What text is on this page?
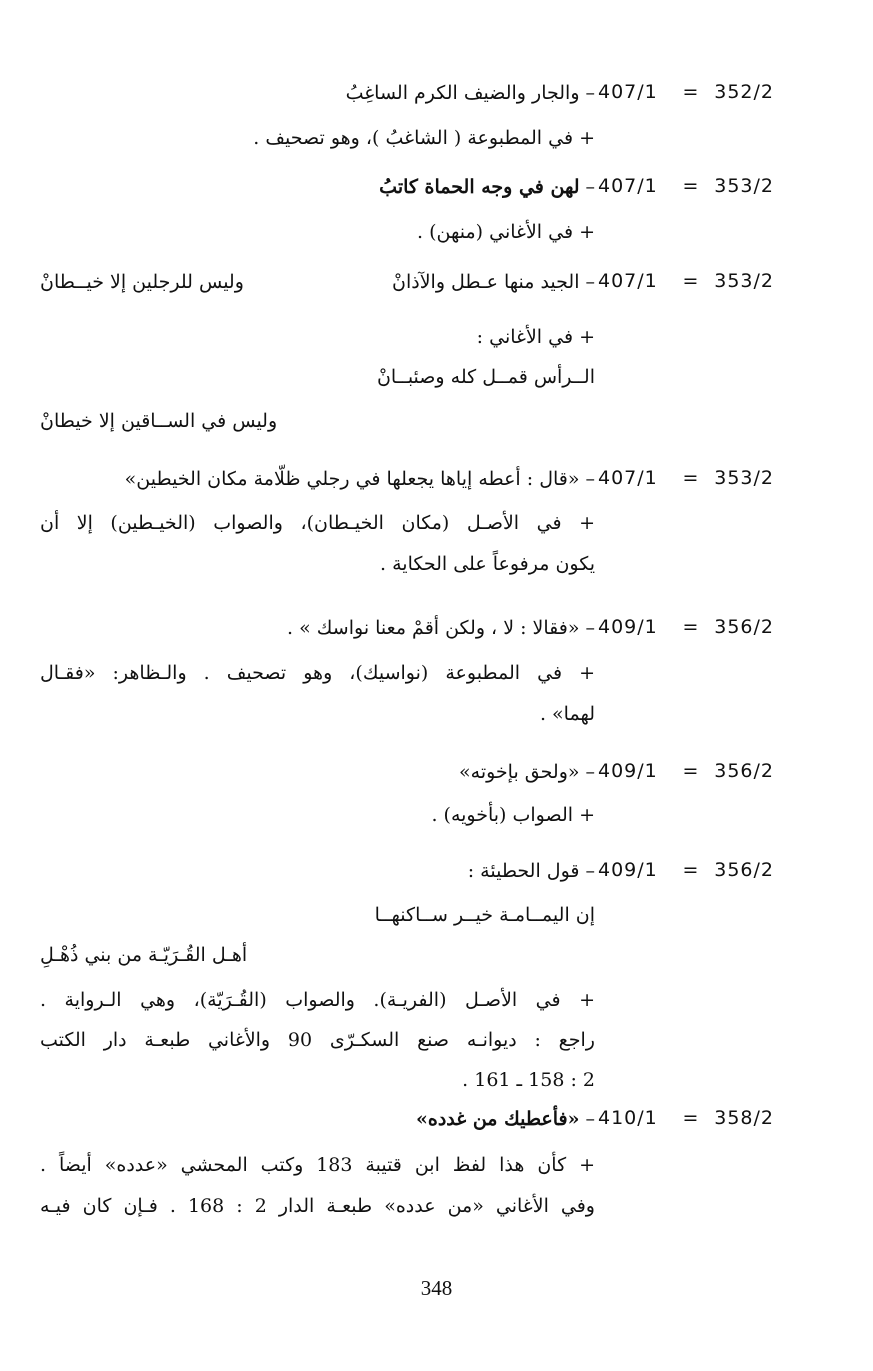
407/1 = 352/2
–والجار والضيف الكرم الساغِبُ
+ في المطبوعة ( الشاغبُ )، وهو تصحيف .
407/1 = 353/2
–لهن في وجه الحماة كاتبُ
+ في الأغاني (منهن) .
407/1 = 353/2
–الجيد منها عـطل والآذانْ
وليس للرجلين إلا خيــطانْ
+ في الأغاني :
الــرأس قمــل كله وصئبــانْ
وليس في الســاقين إلا خيطانْ
407/1 = 353/2
–«قال : أعطه إياها يجعلها في رجلي ظلّامة مكان الخيطين»
+ في الأصـل (مكان الخيـطان)، والصواب (الخيـطين) إلا أن
يكون مرفوعاً على الحكاية .
409/1 = 356/2
–«فقالا : لا ، ولكن أقمْ معنا نواسك » .
+ في المطبوعة (نواسيك)، وهو تصحيف . والـظاهر: «فقـال
لهما» .
409/1 = 356/2
–«ولحق بإخوته»
+ الصواب (بأخويه) .
409/1 = 356/2
–قول الحطيئة :
إن اليمــامـة خيــر ســاكنهــا
أهـل القُـرَيّـة من بني ذُهْـلِ
+ في الأصـل (الفريـة). والصواب (القُـرَيّة)، وهي الـرواية .
راجع : ديوانـه صنع السكـرّى 90 والأغاني طبعـة دار الكتب
2 : 158 ـ 161 .
410/1 = 358/2
–«فأعطيك من غدده»
+ كأن هذا لفظ ابن قتيبة 183 وكتب المحشي «عدده» أيضاً .
وفي الأغاني «من عدده» طبعـة الدار 2 : 168 . فـإن كان فيـه
348
